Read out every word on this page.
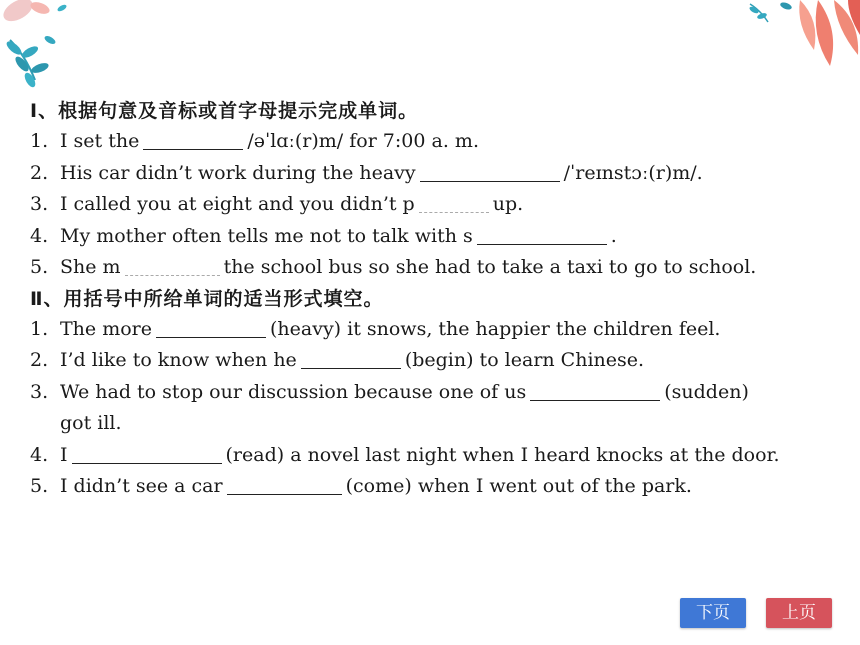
Ⅰ、根据句意及音标或首字母提示完成单词。
1. I set the	/əˈlɑː(r)m/ for 7:00 a. m.
2. His car didn’t work during the heavy	/ˈreɪnstɔː(r)m/.
3. I called you at eight and you didn’t p	up.
4. My mother often tells me not to talk with s	.
5. She m	the school bus so she had to take a taxi to go to school.
Ⅱ、用括号中所给单词的适当形式填空。
1. The more	(heavy) it snows, the happier the children feel.
2. I’d like to know when he	(begin) to learn Chinese.
3. We had to stop our discussion because one of us	(sudden)
got ill.
4. I	(read) a novel last night when I heard knocks at the door.
5. I didn’t see a car	(come) when I went out of the park.
下页	上页
